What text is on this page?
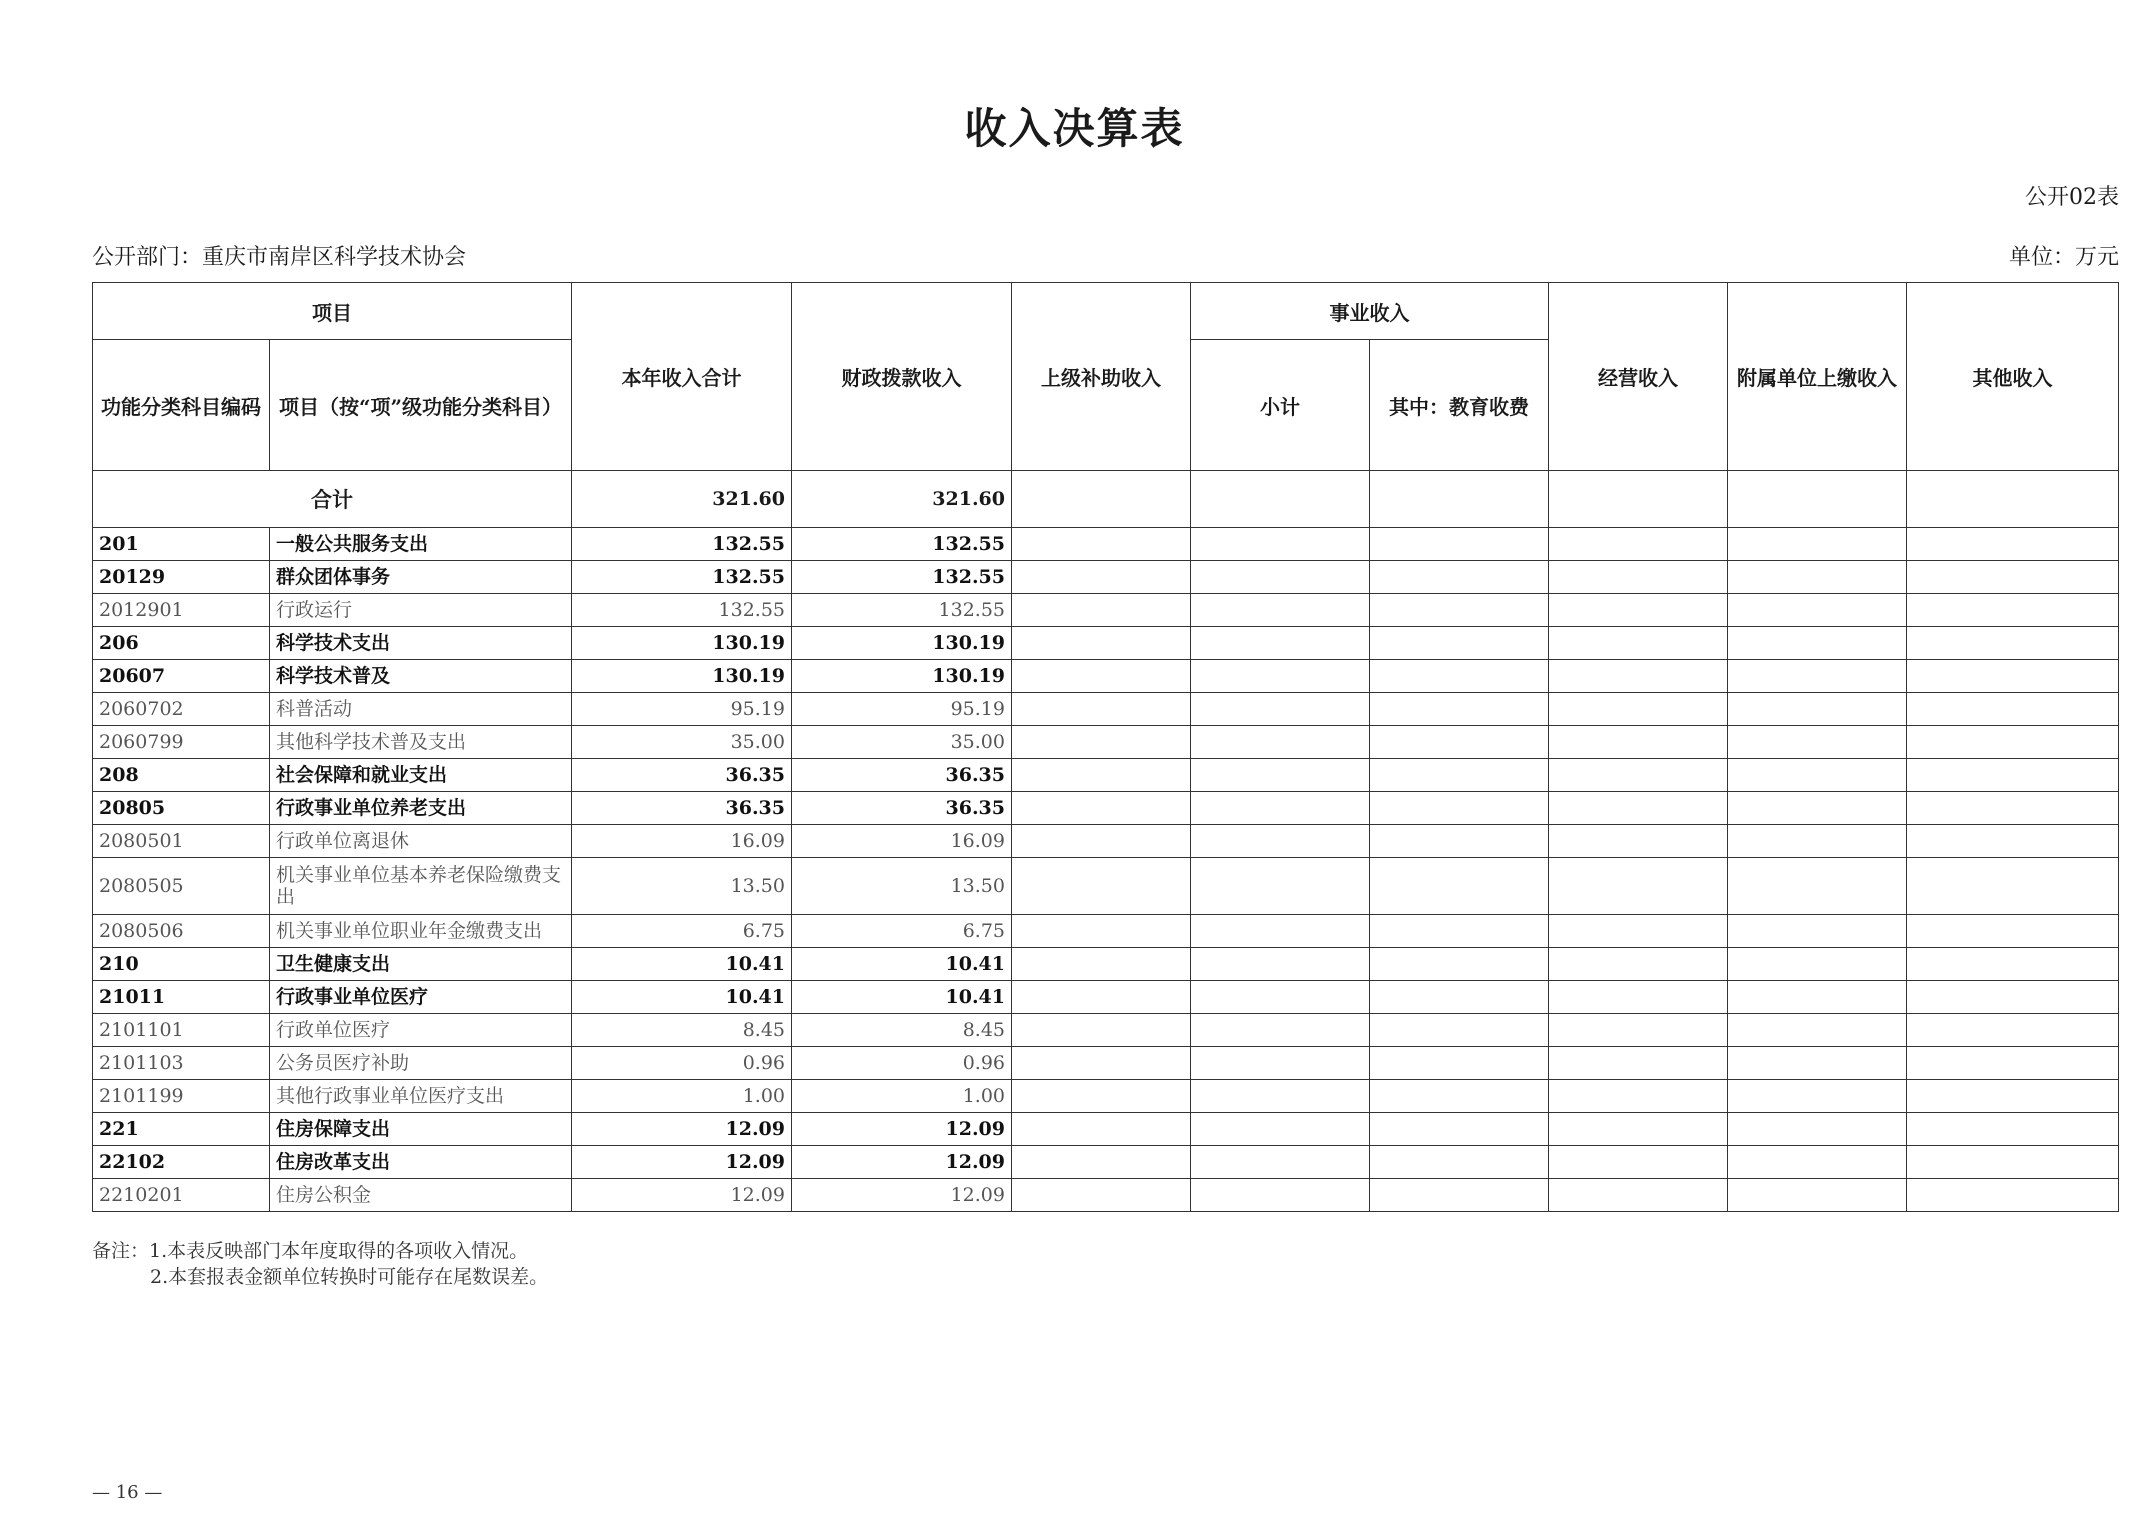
收入决算表
公开02表
公开部门：重庆市南岸区科学技术协会	单位：万元
项目		本年收入合计	财政拨款收入	上级补助收入	事业收入		经营收入	附属单位上缴收入	其他收入
功能分类科目编码	项目（按“项”级功能分类科目）				小计	其中：教育收费			
合计		321.60	321.60						
201	一般公共服务支出	132.55	132.55						
20129	群众团体事务	132.55	132.55						
2012901	行政运行	132.55	132.55						
206	科学技术支出	130.19	130.19						
20607	科学技术普及	130.19	130.19						
2060702	科普活动	95.19	95.19						
2060799	其他科学技术普及支出	35.00	35.00						
208	社会保障和就业支出	36.35	36.35						
20805	行政事业单位养老支出	36.35	36.35						
2080501	行政单位离退休	16.09	16.09						
2080505	机关事业单位基本养老保险缴费支出	13.50	13.50						
2080506	机关事业单位职业年金缴费支出	6.75	6.75						
210	卫生健康支出	10.41	10.41						
21011	行政事业单位医疗	10.41	10.41						
2101101	行政单位医疗	8.45	8.45						
2101103	公务员医疗补助	0.96	0.96						
2101199	其他行政事业单位医疗支出	1.00	1.00						
221	住房保障支出	12.09	12.09						
22102	住房改革支出	12.09	12.09						
2210201	住房公积金	12.09	12.09						
备注：1.本表反映部门本年度取得的各项收入情况。
2.本套报表金额单位转换时可能存在尾数误差。
— 16 —
